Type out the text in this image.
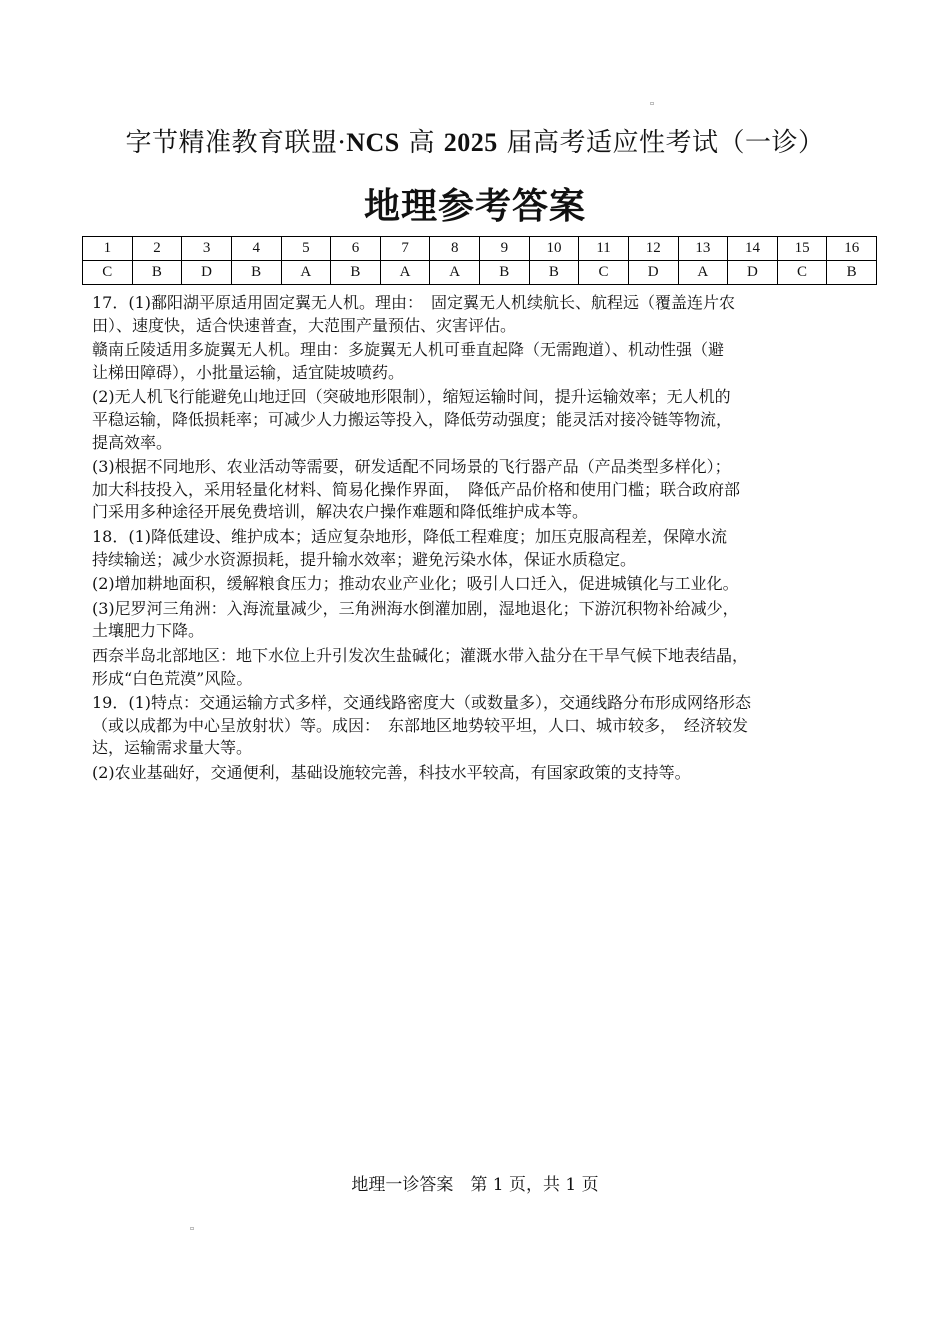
▫
▫
字节精准教育联盟·NCS 高 2025 届高考适应性考试（一诊）
地理参考答案
1	2	3	4	5	6	7	8	9	10	11	12	13	14	15	16
C	B	D	B	A	B	A	A	B	B	C	D	A	D	C	B
17．(1)鄱阳湖平原适用固定翼无人机。理由：　固定翼无人机续航长、航程远（覆盖连片农
田）、速度快，适合快速普查，大范围产量预估、灾害评估。
赣南丘陵适用多旋翼无人机。理由：多旋翼无人机可垂直起降（无需跑道）、机动性强（避
让梯田障碍），小批量运输，适宜陡坡喷药。
(2)无人机飞行能避免山地迂回（突破地形限制），缩短运输时间，提升运输效率；无人机的
平稳运输，降低损耗率；可减少人力搬运等投入，降低劳动强度；能灵活对接冷链等物流，
提高效率。
(3)根据不同地形、农业活动等需要，研发适配不同场景的飞行器产品（产品类型多样化）；
加大科技投入，采用轻量化材料、简易化操作界面，　降低产品价格和使用门槛；联合政府部
门采用多种途径开展免费培训，解决农户操作难题和降低维护成本等。
18．(1)降低建设、维护成本；适应复杂地形，降低工程难度；加压克服高程差，保障水流
持续输送；减少水资源损耗，提升输水效率；避免污染水体，保证水质稳定。
(2)增加耕地面积，缓解粮食压力；推动农业产业化；吸引人口迁入，促进城镇化与工业化。
(3)尼罗河三角洲：入海流量减少，三角洲海水倒灌加剧，湿地退化；下游沉积物补给减少，
土壤肥力下降。
西奈半岛北部地区：地下水位上升引发次生盐碱化；灌溉水带入盐分在干旱气候下地表结晶，
形成“白色荒漠”风险。
19．(1)特点：交通运输方式多样，交通线路密度大（或数量多），交通线路分布形成网络形态
（或以成都为中心呈放射状）等。成因：　东部地区地势较平坦，人口、城市较多，　经济较发
达，运输需求量大等。
(2)农业基础好，交通便利，基础设施较完善，科技水平较高，有国家政策的支持等。
地理一诊答案　 第 1 页，共 1 页
